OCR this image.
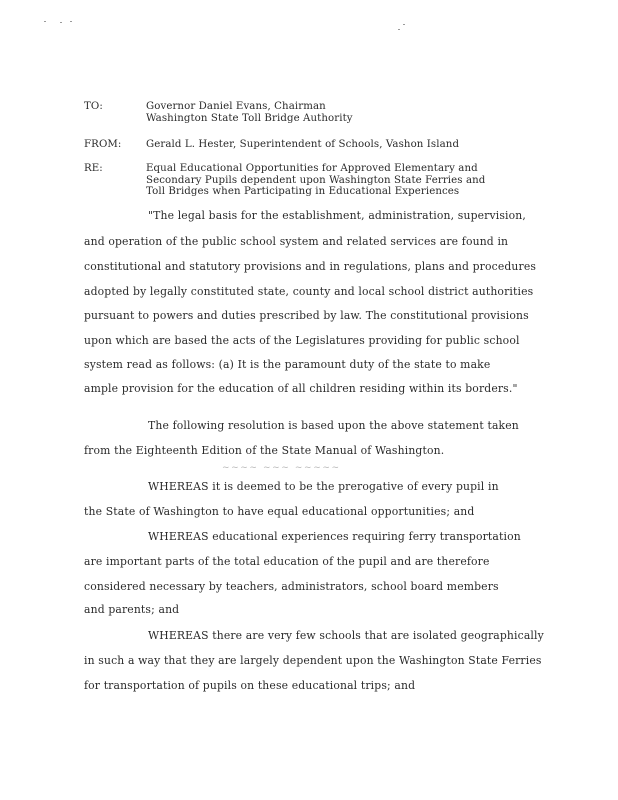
TO:	Governor Daniel Evans, Chairman
Washington State Toll Bridge Authority
FROM: Gerald L. Hester, Superintendent of Schools, Vashon Island
RE:	Equal Educational Opportunities for Approved Elementary and
Secondary Pupils dependent upon Washington State Ferries and
Toll Bridges when Participating in Educational Experiences
"The legal basis for the establishment, administration, supervision,
and operation of the public school system and related services are found in
constitutional and statutory provisions and in regulations, plans and procedures
adopted by legally constituted state, county and local school district authorities
pursuant to powers and duties prescribed by law. The constitutional provisions
upon which are based the acts of the Legislatures providing for public school
system read as follows: (a) It is the paramount duty of the state to make
ample provision for the education of all children residing within its borders."
The following resolution is based upon the above statement taken
from the Eighteenth Edition of the State Manual of Washington.
~~~~ ~~~ ~~~~~
WHEREAS it is deemed to be the prerogative of every pupil in
the State of Washington to have equal educational opportunities; and
WHEREAS educational experiences requiring ferry transportation
are important parts of the total education of the pupil and are therefore
considered necessary by teachers, administrators, school board members
and parents; and
WHEREAS there are very few schools that are isolated geographically
in such a way that they are largely dependent upon the Washington State Ferries
for transportation of pupils on these educational trips; and
